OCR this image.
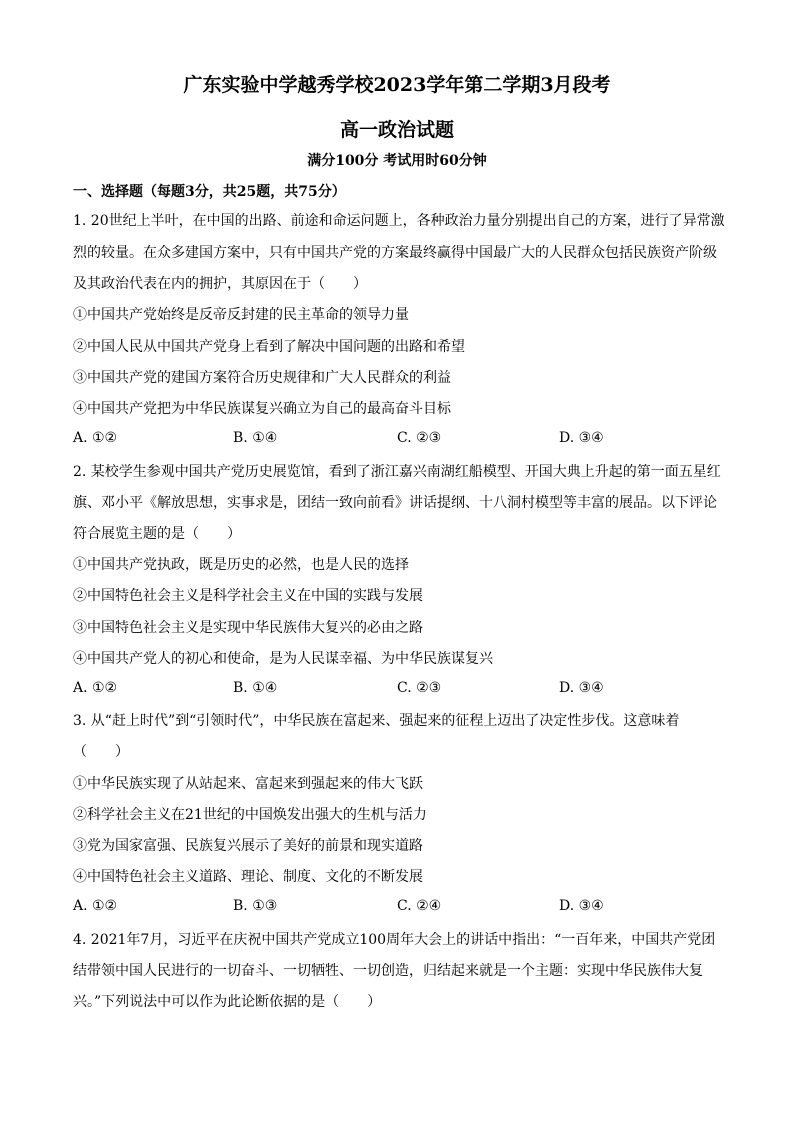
广东实验中学越秀学校2023学年第二学期3月段考
高一政治试题
满分100分 考试用时60分钟
一、选择题（每题3分，共25题，共75分）
1. 20世纪上半叶，在中国的出路、前途和命运问题上，各种政治力量分别提出自己的方案，进行了异常激
烈的较量。在众多建国方案中，只有中国共产党的方案最终赢得中国最广大的人民群众包括民族资产阶级
及其政治代表在内的拥护，其原因在于（　　）
①中国共产党始终是反帝反封建的民主革命的领导力量
②中国人民从中国共产党身上看到了解决中国问题的出路和希望
③中国共产党的建国方案符合历史规律和广大人民群众的利益
④中国共产党把为中华民族谋复兴确立为自己的最高奋斗目标
A. ①②	B. ①④	C. ②③	D. ③④
2. 某校学生参观中国共产党历史展览馆，看到了浙江嘉兴南湖红船模型、开国大典上升起的第一面五星红
旗、邓小平《解放思想，实事求是，团结一致向前看》讲话提纲、十八洞村模型等丰富的展品。以下评论
符合展览主题的是（　　）
①中国共产党执政，既是历史的必然，也是人民的选择
②中国特色社会主义是科学社会主义在中国的实践与发展
③中国特色社会主义是实现中华民族伟大复兴的必由之路
④中国共产党人的初心和使命，是为人民谋幸福、为中华民族谋复兴
A. ①②	B. ①④	C. ②③	D. ③④
3. 从“赶上时代”到“引领时代”，中华民族在富起来、强起来的征程上迈出了决定性步伐。这意味着
（　　）
①中华民族实现了从站起来、富起来到强起来的伟大飞跃
②科学社会主义在21世纪的中国焕发出强大的生机与活力
③党为国家富强、民族复兴展示了美好的前景和现实道路
④中国特色社会主义道路、理论、制度、文化的不断发展
A. ①②	B. ①③	C. ②④	D. ③④
4. 2021年7月，习近平在庆祝中国共产党成立100周年大会上的讲话中指出：“一百年来，中国共产党团
结带领中国人民进行的一切奋斗、一切牺牲、一切创造，归结起来就是一个主题：实现中华民族伟大复
兴。”下列说法中可以作为此论断依据的是（　　）
